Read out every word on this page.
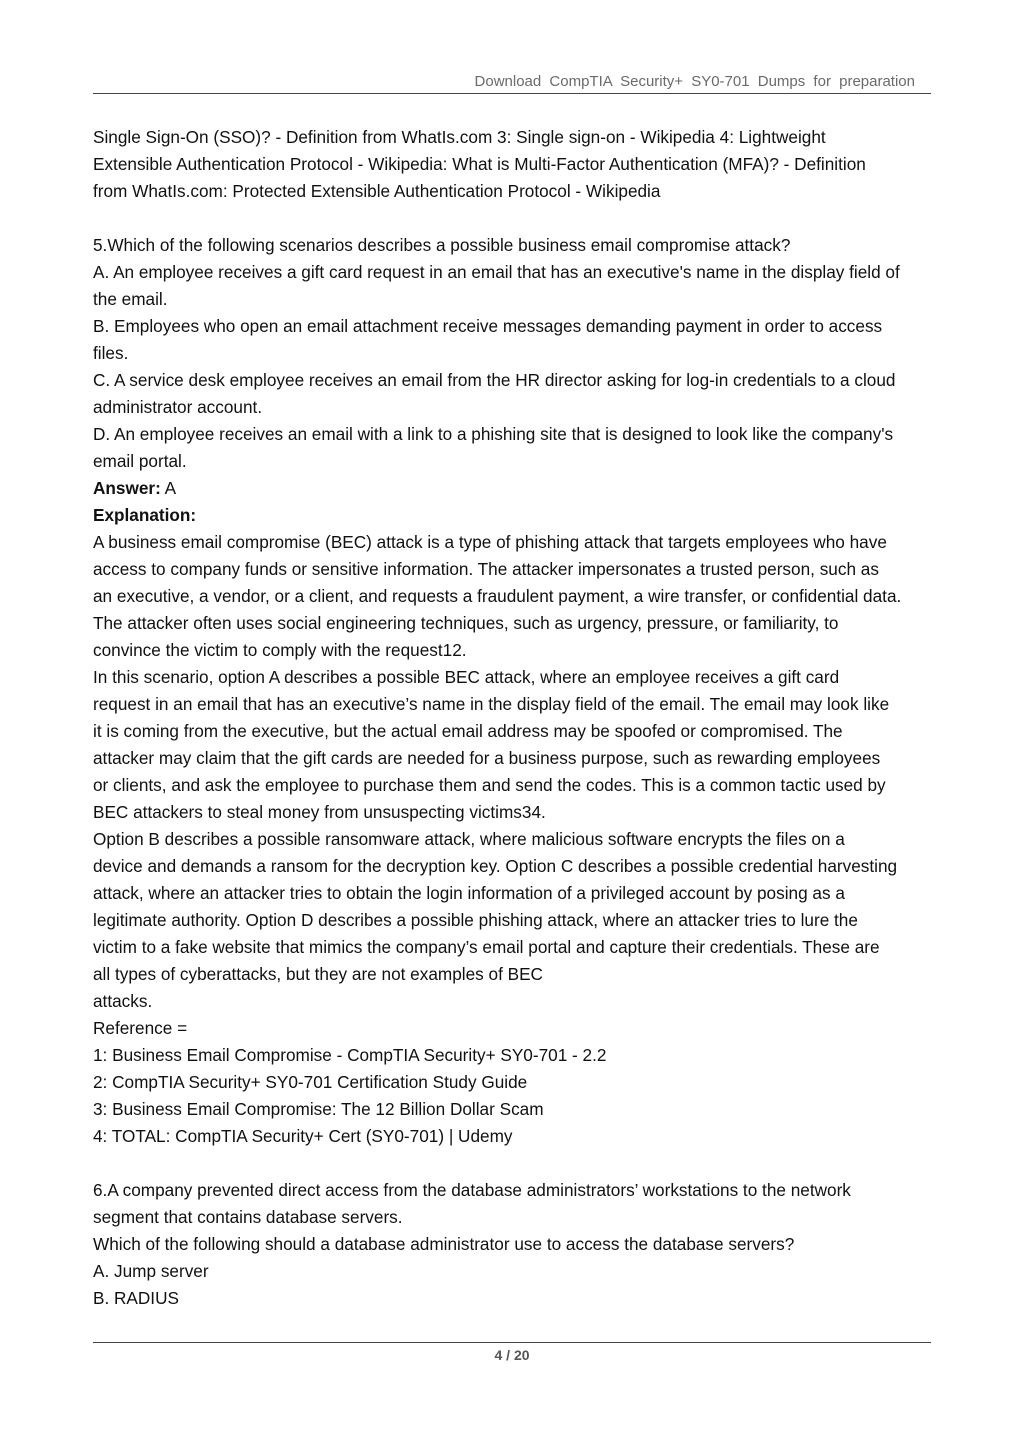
Download CompTIA Security+ SY0-701 Dumps for preparation

Single Sign-On (SSO)? - Definition from WhatIs.com 3: Single sign-on - Wikipedia 4: Lightweight

Extensible Authentication Protocol - Wikipedia: What is Multi-Factor Authentication (MFA)? - Definition

from WhatIs.com: Protected Extensible Authentication Protocol - Wikipedia

5.Which of the following scenarios describes a possible business email compromise attack?

A. An employee receives a gift card request in an email that has an executive's name in the display field of

the email.

B. Employees who open an email attachment receive messages demanding payment in order to access

files.

C. A service desk employee receives an email from the HR director asking for log-in credentials to a cloud

administrator account.

D. An employee receives an email with a link to a phishing site that is designed to look like the company's

email portal.

Answer: A

Explanation:

A business email compromise (BEC) attack is a type of phishing attack that targets employees who have

access to company funds or sensitive information. The attacker impersonates a trusted person, such as

an executive, a vendor, or a client, and requests a fraudulent payment, a wire transfer, or confidential data.

The attacker often uses social engineering techniques, such as urgency, pressure, or familiarity, to

convince the victim to comply with the request12.

In this scenario, option A describes a possible BEC attack, where an employee receives a gift card

request in an email that has an executive’s name in the display field of the email. The email may look like

it is coming from the executive, but the actual email address may be spoofed or compromised. The

attacker may claim that the gift cards are needed for a business purpose, such as rewarding employees

or clients, and ask the employee to purchase them and send the codes. This is a common tactic used by

BEC attackers to steal money from unsuspecting victims34.

Option B describes a possible ransomware attack, where malicious software encrypts the files on a

device and demands a ransom for the decryption key. Option C describes a possible credential harvesting

attack, where an attacker tries to obtain the login information of a privileged account by posing as a

legitimate authority. Option D describes a possible phishing attack, where an attacker tries to lure the

victim to a fake website that mimics the company’s email portal and capture their credentials. These are

all types of cyberattacks, but they are not examples of BEC

attacks.

Reference =

1: Business Email Compromise - CompTIA Security+ SY0-701 - 2.2

2: CompTIA Security+ SY0-701 Certification Study Guide

3: Business Email Compromise: The 12 Billion Dollar Scam

4: TOTAL: CompTIA Security+ Cert (SY0-701) | Udemy

6.A company prevented direct access from the database administrators’ workstations to the network

segment that contains database servers.

Which of the following should a database administrator use to access the database servers?

A. Jump server

B. RADIUS

4 / 20
